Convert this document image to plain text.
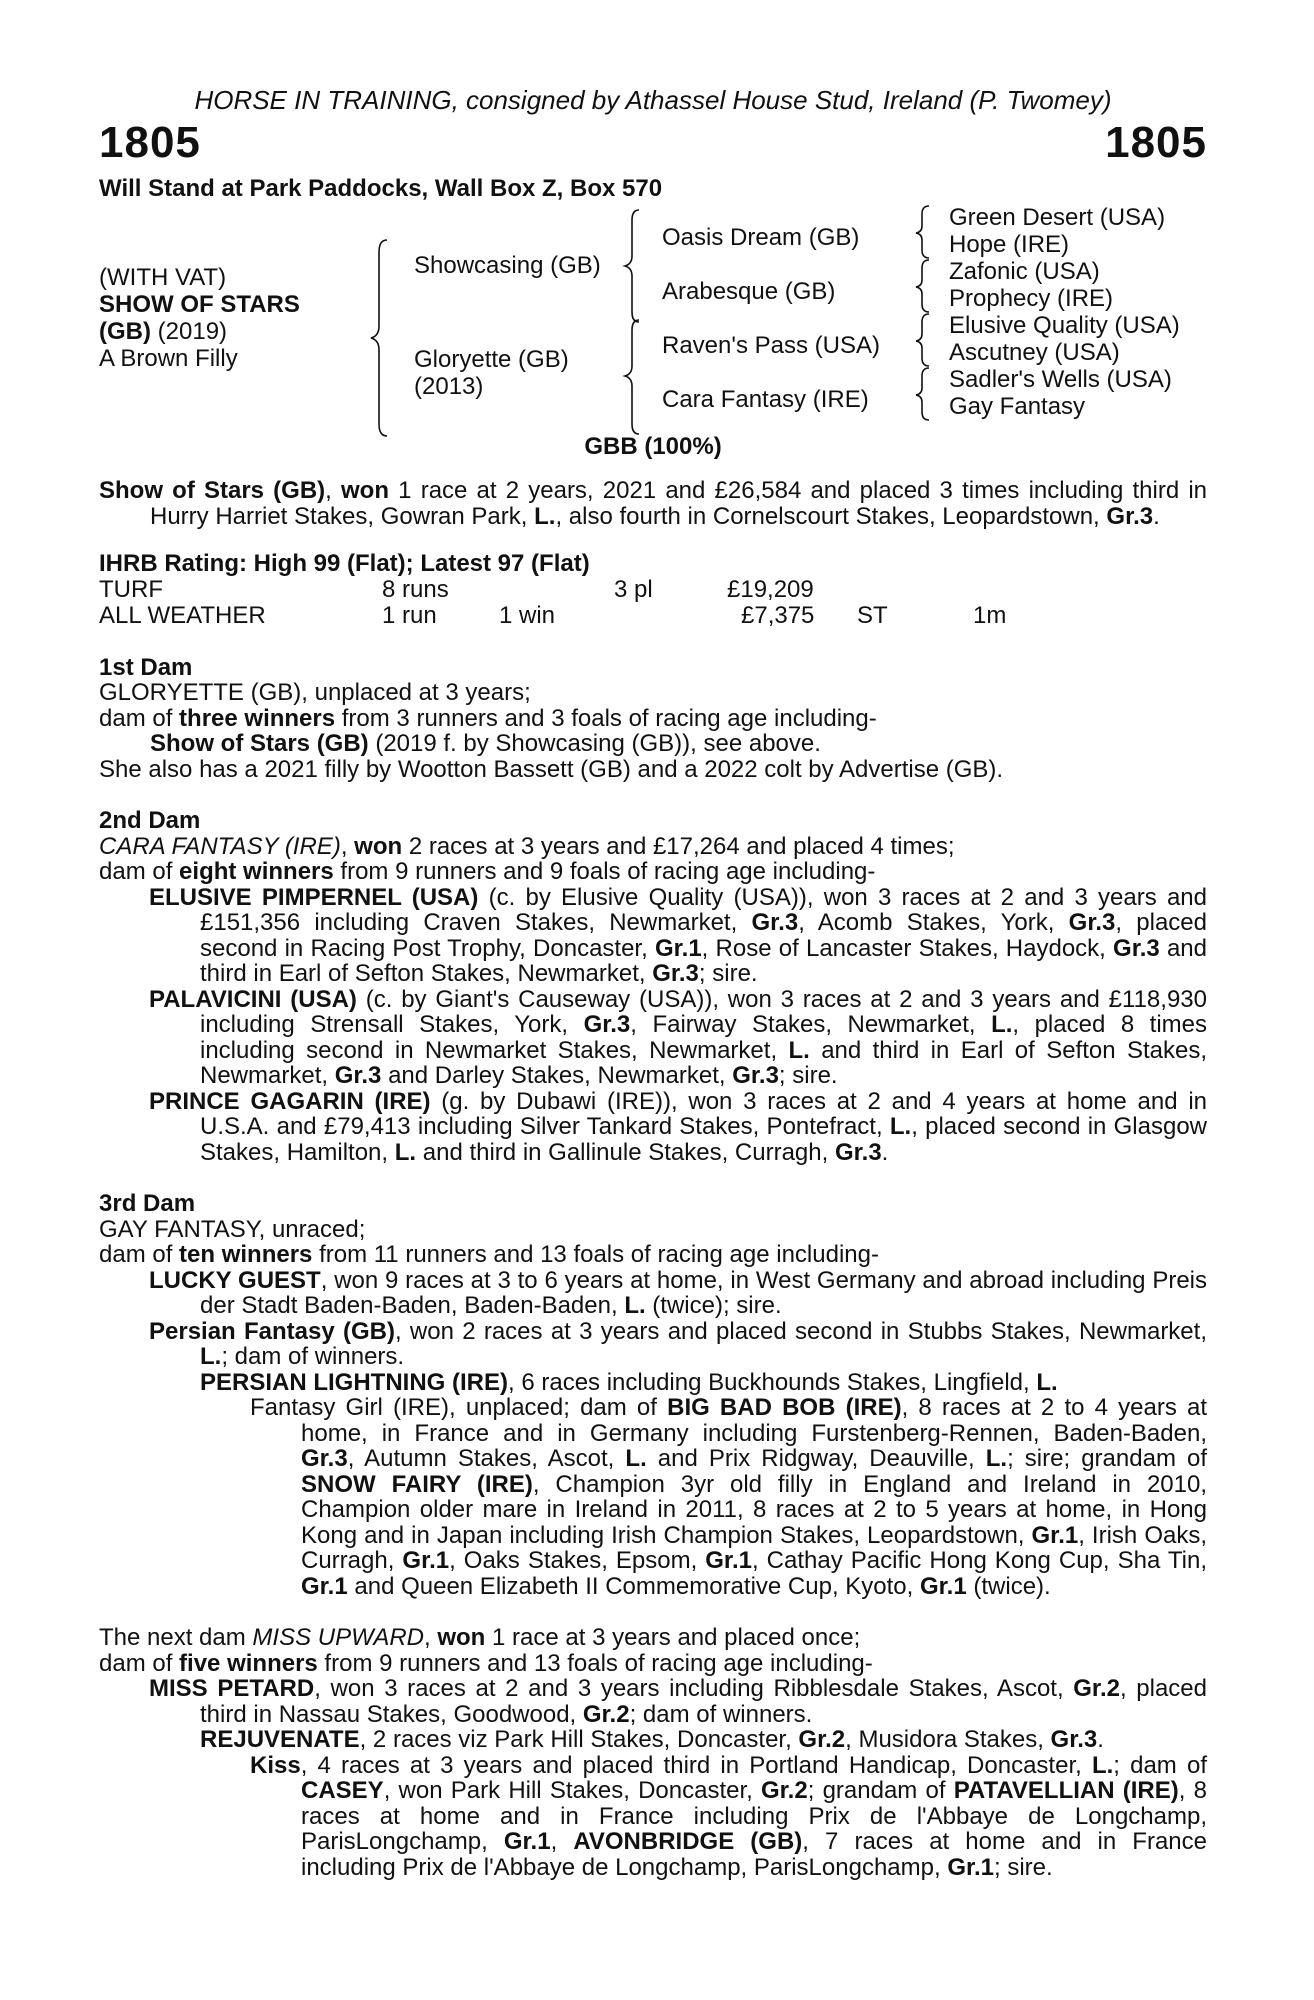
HORSE IN TRAINING, consigned by Athassel House Stud, Ireland (P. Twomey)
1805	1805
Will Stand at Park Paddocks, Wall Box Z, Box 570
(WITH VAT)
SHOW OF STARS
(GB) (2019)
A Brown Filly
Showcasing (GB)
Gloryette (GB)
(2013)
Oasis Dream (GB)
Arabesque (GB)
Raven's Pass (USA)
Cara Fantasy (IRE)
Green Desert (USA)
Hope (IRE)
Zafonic (USA)
Prophecy (IRE)
Elusive Quality (USA)
Ascutney (USA)
Sadler's Wells (USA)
Gay Fantasy
GBB (100%)
Show of Stars (GB), won 1 race at 2 years, 2021 and £26,584 and placed 3 times including third in Hurry Harriet Stakes, Gowran Park, L., also fourth in Cornelscourt Stakes, Leopardstown, Gr.3.
IHRB Rating: High 99 (Flat); Latest 97 (Flat)
TURF	8 runs	3 pl	£19,209
ALL WEATHER	1 run	1 win	£7,375 ST	1m
1st Dam
GLORYETTE (GB), unplaced at 3 years;
dam of three winners from 3 runners and 3 foals of racing age including-
Show of Stars (GB) (2019 f. by Showcasing (GB)), see above.
She also has a 2021 filly by Wootton Bassett (GB) and a 2022 colt by Advertise (GB).
2nd Dam
CARA FANTASY (IRE), won 2 races at 3 years and £17,264 and placed 4 times;
dam of eight winners from 9 runners and 9 foals of racing age including-
ELUSIVE PIMPERNEL (USA) (c. by Elusive Quality (USA)), won 3 races at 2 and 3 years and £151,356 including Craven Stakes, Newmarket, Gr.3, Acomb Stakes, York, Gr.3, placed second in Racing Post Trophy, Doncaster, Gr.1, Rose of Lancaster Stakes, Haydock, Gr.3 and third in Earl of Sefton Stakes, Newmarket, Gr.3; sire.
PALAVICINI (USA) (c. by Giant's Causeway (USA)), won 3 races at 2 and 3 years and £118,930 including Strensall Stakes, York, Gr.3, Fairway Stakes, Newmarket, L., placed 8 times including second in Newmarket Stakes, Newmarket, L. and third in Earl of Sefton Stakes, Newmarket, Gr.3 and Darley Stakes, Newmarket, Gr.3; sire.
PRINCE GAGARIN (IRE) (g. by Dubawi (IRE)), won 3 races at 2 and 4 years at home and in U.S.A. and £79,413 including Silver Tankard Stakes, Pontefract, L., placed second in Glasgow Stakes, Hamilton, L. and third in Gallinule Stakes, Curragh, Gr.3.
3rd Dam
GAY FANTASY, unraced;
dam of ten winners from 11 runners and 13 foals of racing age including-
LUCKY GUEST, won 9 races at 3 to 6 years at home, in West Germany and abroad including Preis der Stadt Baden-Baden, Baden-Baden, L. (twice); sire.
Persian Fantasy (GB), won 2 races at 3 years and placed second in Stubbs Stakes, Newmarket, L.; dam of winners.
PERSIAN LIGHTNING (IRE), 6 races including Buckhounds Stakes, Lingfield, L.
Fantasy Girl (IRE), unplaced; dam of BIG BAD BOB (IRE), 8 races at 2 to 4 years at home, in France and in Germany including Furstenberg-Rennen, Baden-Baden, Gr.3, Autumn Stakes, Ascot, L. and Prix Ridgway, Deauville, L.; sire; grandam of SNOW FAIRY (IRE), Champion 3yr old filly in England and Ireland in 2010, Champion older mare in Ireland in 2011, 8 races at 2 to 5 years at home, in Hong Kong and in Japan including Irish Champion Stakes, Leopardstown, Gr.1, Irish Oaks, Curragh, Gr.1, Oaks Stakes, Epsom, Gr.1, Cathay Pacific Hong Kong Cup, Sha Tin, Gr.1 and Queen Elizabeth II Commemorative Cup, Kyoto, Gr.1 (twice).
The next dam MISS UPWARD, won 1 race at 3 years and placed once;
dam of five winners from 9 runners and 13 foals of racing age including-
MISS PETARD, won 3 races at 2 and 3 years including Ribblesdale Stakes, Ascot, Gr.2, placed third in Nassau Stakes, Goodwood, Gr.2; dam of winners.
REJUVENATE, 2 races viz Park Hill Stakes, Doncaster, Gr.2, Musidora Stakes, Gr.3.
Kiss, 4 races at 3 years and placed third in Portland Handicap, Doncaster, L.; dam of CASEY, won Park Hill Stakes, Doncaster, Gr.2; grandam of PATAVELLIAN (IRE), 8 races at home and in France including Prix de l'Abbaye de Longchamp, ParisLongchamp, Gr.1, AVONBRIDGE (GB), 7 races at home and in France including Prix de l'Abbaye de Longchamp, ParisLongchamp, Gr.1; sire.
